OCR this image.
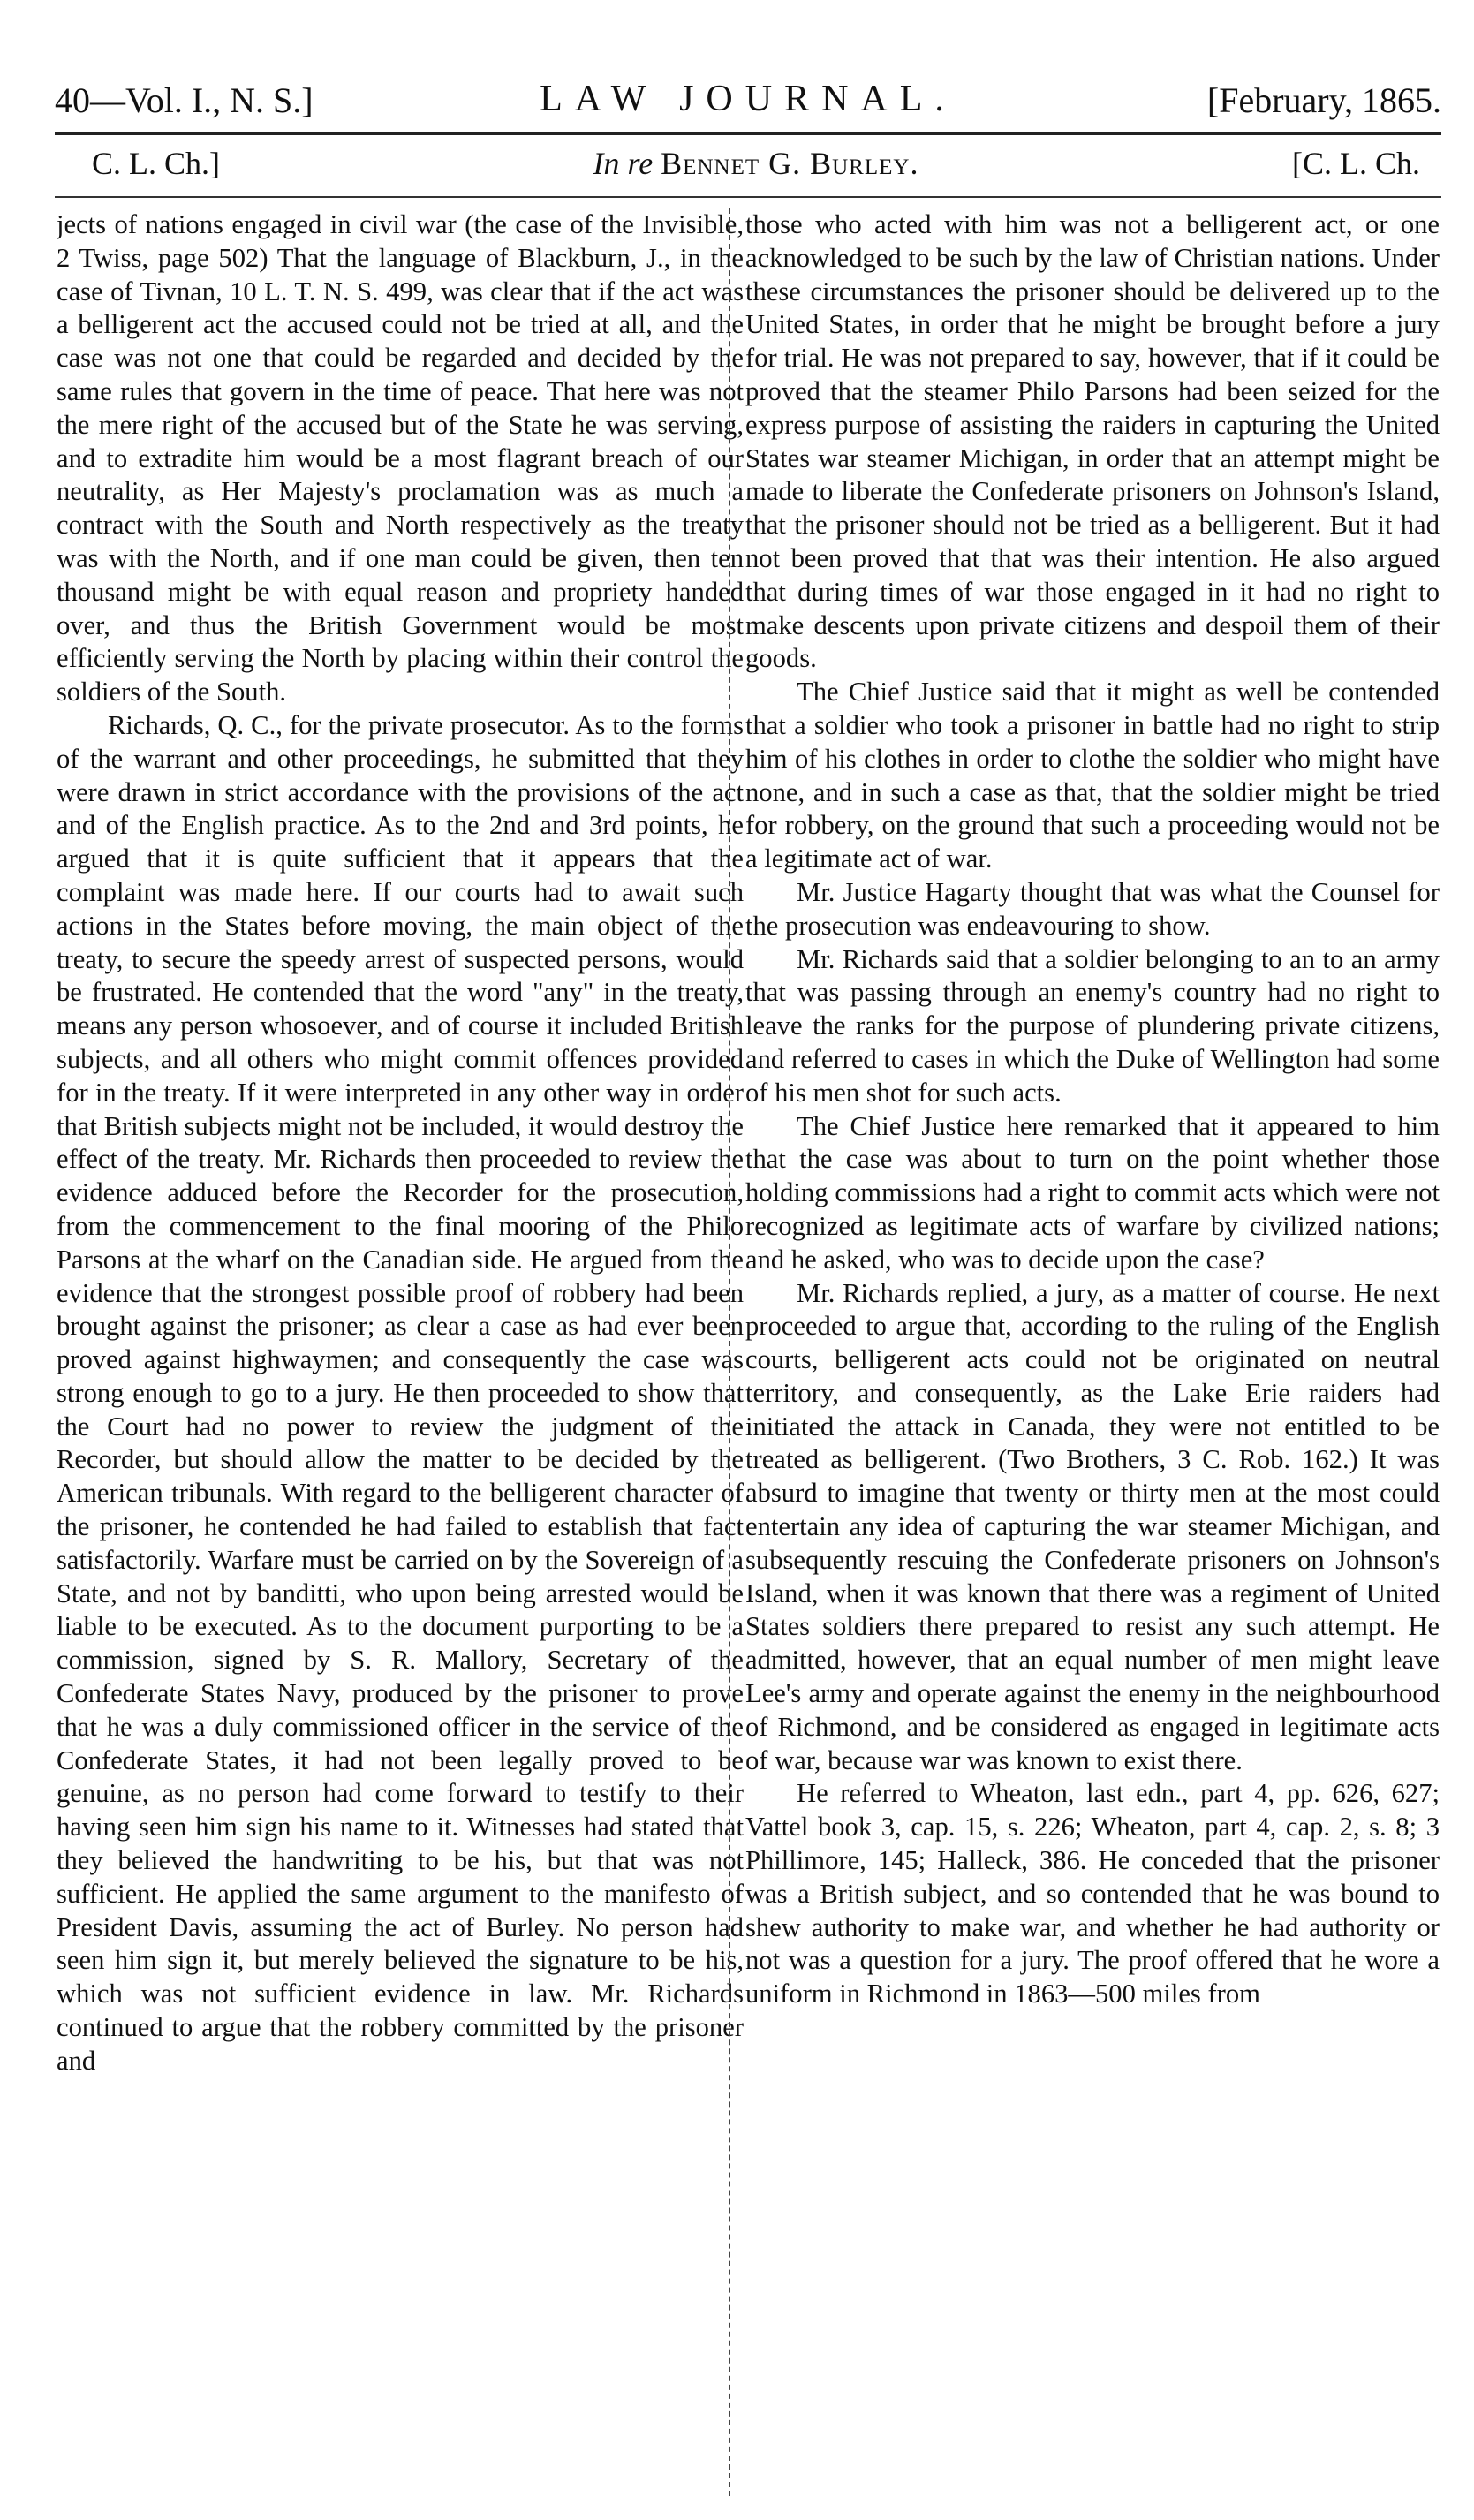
40—Vol. I., N. S.]	LAW JOURNAL.	[February, 1865.
C. L. Ch.]	In re Bennet G. Burley.	[C. L. Ch.

jects of nations engaged in civil war (the case of the Invisible, 2 Twiss, page 502) That the language of Blackburn, J., in the case of Tivnan, 10 L. T. N. S. 499, was clear that if the act was a belligerent act the accused could not be tried at all, and the case was not one that could be regarded and decided by the same rules that govern in the time of peace. That here was not the mere right of the accused but of the State he was serving, and to extradite him would be a most flagrant breach of our neutrality, as Her Majesty's proclamation was as much a contract with the South and North respectively as the treaty was with the North, and if one man could be given, then ten thousand might be with equal reason and propriety handed over, and thus the British Government would be most efficiently serving the North by placing within their control the soldiers of the South.

Richards, Q. C., for the private prosecutor. As to the forms of the warrant and other proceedings, he submitted that they were drawn in strict accordance with the provisions of the act and of the English practice. As to the 2nd and 3rd points, he argued that it is quite sufficient that it appears that the complaint was made here. If our courts had to await such actions in the States before moving, the main object of the treaty, to secure the speedy arrest of suspected persons, would be frustrated. He contended that the word "any" in the treaty, means any person whosoever, and of course it included British subjects, and all others who might commit offences provided for in the treaty. If it were interpreted in any other way in order that British subjects might not be included, it would destroy the effect of the treaty. Mr. Richards then proceeded to review the evidence adduced before the Recorder for the prosecution, from the commencement to the final mooring of the Philo Parsons at the wharf on the Canadian side. He argued from the evidence that the strongest possible proof of robbery had been brought against the prisoner; as clear a case as had ever been proved against highwaymen; and consequently the case was strong enough to go to a jury. He then proceeded to show that the Court had no power to review the judgment of the Recorder, but should allow the matter to be decided by the American tribunals. With regard to the belligerent character of the prisoner, he contended he had failed to establish that fact satisfactorily. Warfare must be carried on by the Sovereign of a State, and not by banditti, who upon being arrested would be liable to be executed. As to the document purporting to be a commission, signed by S. R. Mallory, Secretary of the Confederate States Navy, produced by the prisoner to prove that he was a duly commissioned officer in the service of the Confederate States, it had not been legally proved to be genuine, as no person had come forward to testify to their having seen him sign his name to it. Witnesses had stated that they believed the handwriting to be his, but that was not sufficient. He applied the same argument to the manifesto of President Davis, assuming the act of Burley. No person had seen him sign it, but merely believed the signature to be his, which was not sufficient evidence in law. Mr. Richards continued to argue that the robbery committed by the prisoner and

those who acted with him was not a belligerent act, or one acknowledged to be such by the law of Christian nations. Under these circumstances the prisoner should be delivered up to the United States, in order that he might be brought before a jury for trial. He was not prepared to say, however, that if it could be proved that the steamer Philo Parsons had been seized for the express purpose of assisting the raiders in capturing the United States war steamer Michigan, in order that an attempt might be made to liberate the Confederate prisoners on Johnson's Island, that the prisoner should not be tried as a belligerent. But it had not been proved that that was their intention. He also argued that during times of war those engaged in it had no right to make descents upon private citizens and despoil them of their goods.

The Chief Justice said that it might as well be contended that a soldier who took a prisoner in battle had no right to strip him of his clothes in order to clothe the soldier who might have none, and in such a case as that, that the soldier might be tried for robbery, on the ground that such a proceeding would not be a legitimate act of war.

Mr. Justice Hagarty thought that was what the Counsel for the prosecution was endeavouring to show.

Mr. Richards said that a soldier belonging to an to an army that was passing through an enemy's country had no right to leave the ranks for the purpose of plundering private citizens, and referred to cases in which the Duke of Wellington had some of his men shot for such acts.

The Chief Justice here remarked that it appeared to him that the case was about to turn on the point whether those holding commissions had a right to commit acts which were not recognized as legitimate acts of warfare by civilized nations; and he asked, who was to decide upon the case?

Mr. Richards replied, a jury, as a matter of course. He next proceeded to argue that, according to the ruling of the English courts, belligerent acts could not be originated on neutral territory, and consequently, as the Lake Erie raiders had initiated the attack in Canada, they were not entitled to be treated as belligerent. (Two Brothers, 3 C. Rob. 162.) It was absurd to imagine that twenty or thirty men at the most could entertain any idea of capturing the war steamer Michigan, and subsequently rescuing the Confederate prisoners on Johnson's Island, when it was known that there was a regiment of United States soldiers there prepared to resist any such attempt. He admitted, however, that an equal number of men might leave Lee's army and operate against the enemy in the neighbourhood of Richmond, and be considered as engaged in legitimate acts of war, because war was known to exist there.

He referred to Wheaton, last edn., part 4, pp. 626, 627; Vattel book 3, cap. 15, s. 226; Wheaton, part 4, cap. 2, s. 8; 3 Phillimore, 145; Halleck, 386. He conceded that the prisoner was a British subject, and so contended that he was bound to shew authority to make war, and whether he had authority or not was a question for a jury. The proof offered that he wore a uniform in Richmond in 1863—500 miles from
